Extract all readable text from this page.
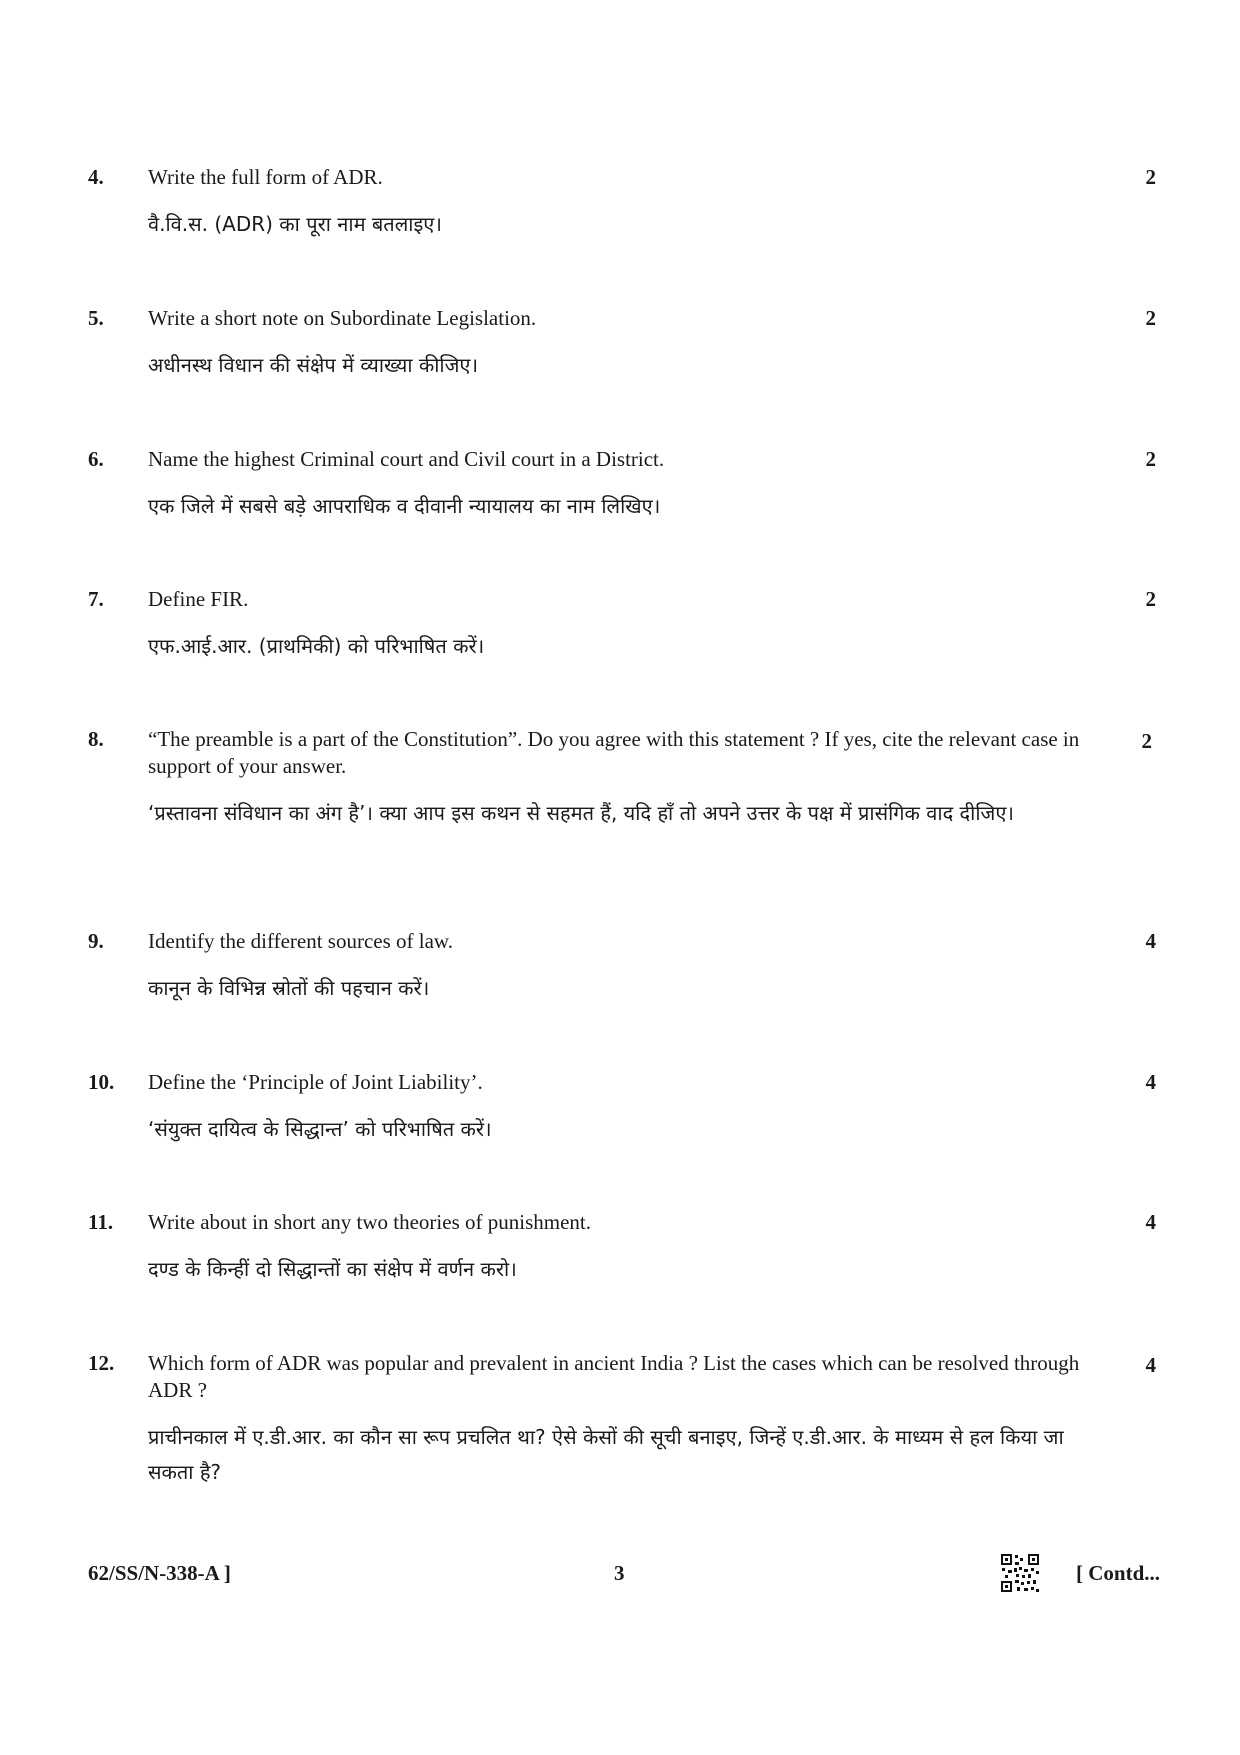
4. Write the full form of ADR.
वै.वि.स. (ADR) का पूरा नाम बतलाइए।
2
5. Write a short note on Subordinate Legislation.
अधीनस्थ विधान की संक्षेप में व्याख्या कीजिए।
2
6. Name the highest Criminal court and Civil court in a District.
एक जिले में सबसे बड़े आपराधिक व दीवानी न्यायालय का नाम लिखिए।
2
7. Define FIR.
एफ.आई.आर. (प्राथमिकी) को परिभाषित करें।
2
8. “The preamble is a part of the Constitution”. Do you agree with this statement ? If yes, cite the relevant case in support of your answer.
‘प्रस्तावना संविधान का अंग है’। क्या आप इस कथन से सहमत हैं, यदि हाँ तो अपने उत्तर के पक्ष में प्रासंगिक वाद दीजिए।
2
9. Identify the different sources of law.
कानून के विभिन्न स्रोतों की पहचान करें।
4
10. Define the ‘Principle of Joint Liability’.
‘संयुक्त दायित्व के सिद्धान्त’ को परिभाषित करें।
4
11. Write about in short any two theories of punishment.
दण्ड के किन्हीं दो सिद्धान्तों का संक्षेप में वर्णन करो।
4
12. Which form of ADR was popular and prevalent in ancient India ? List the cases which can be resolved through ADR ?
प्राचीनकाल में ए.डी.आर. का कौन सा रूप प्रचलित था? ऐसे केसों की सूची बनाइए, जिन्हें ए.डी.आर. के माध्यम से हल किया जा सकता है?
4
62/SS/N-338-A ]	3	[ Contd...
